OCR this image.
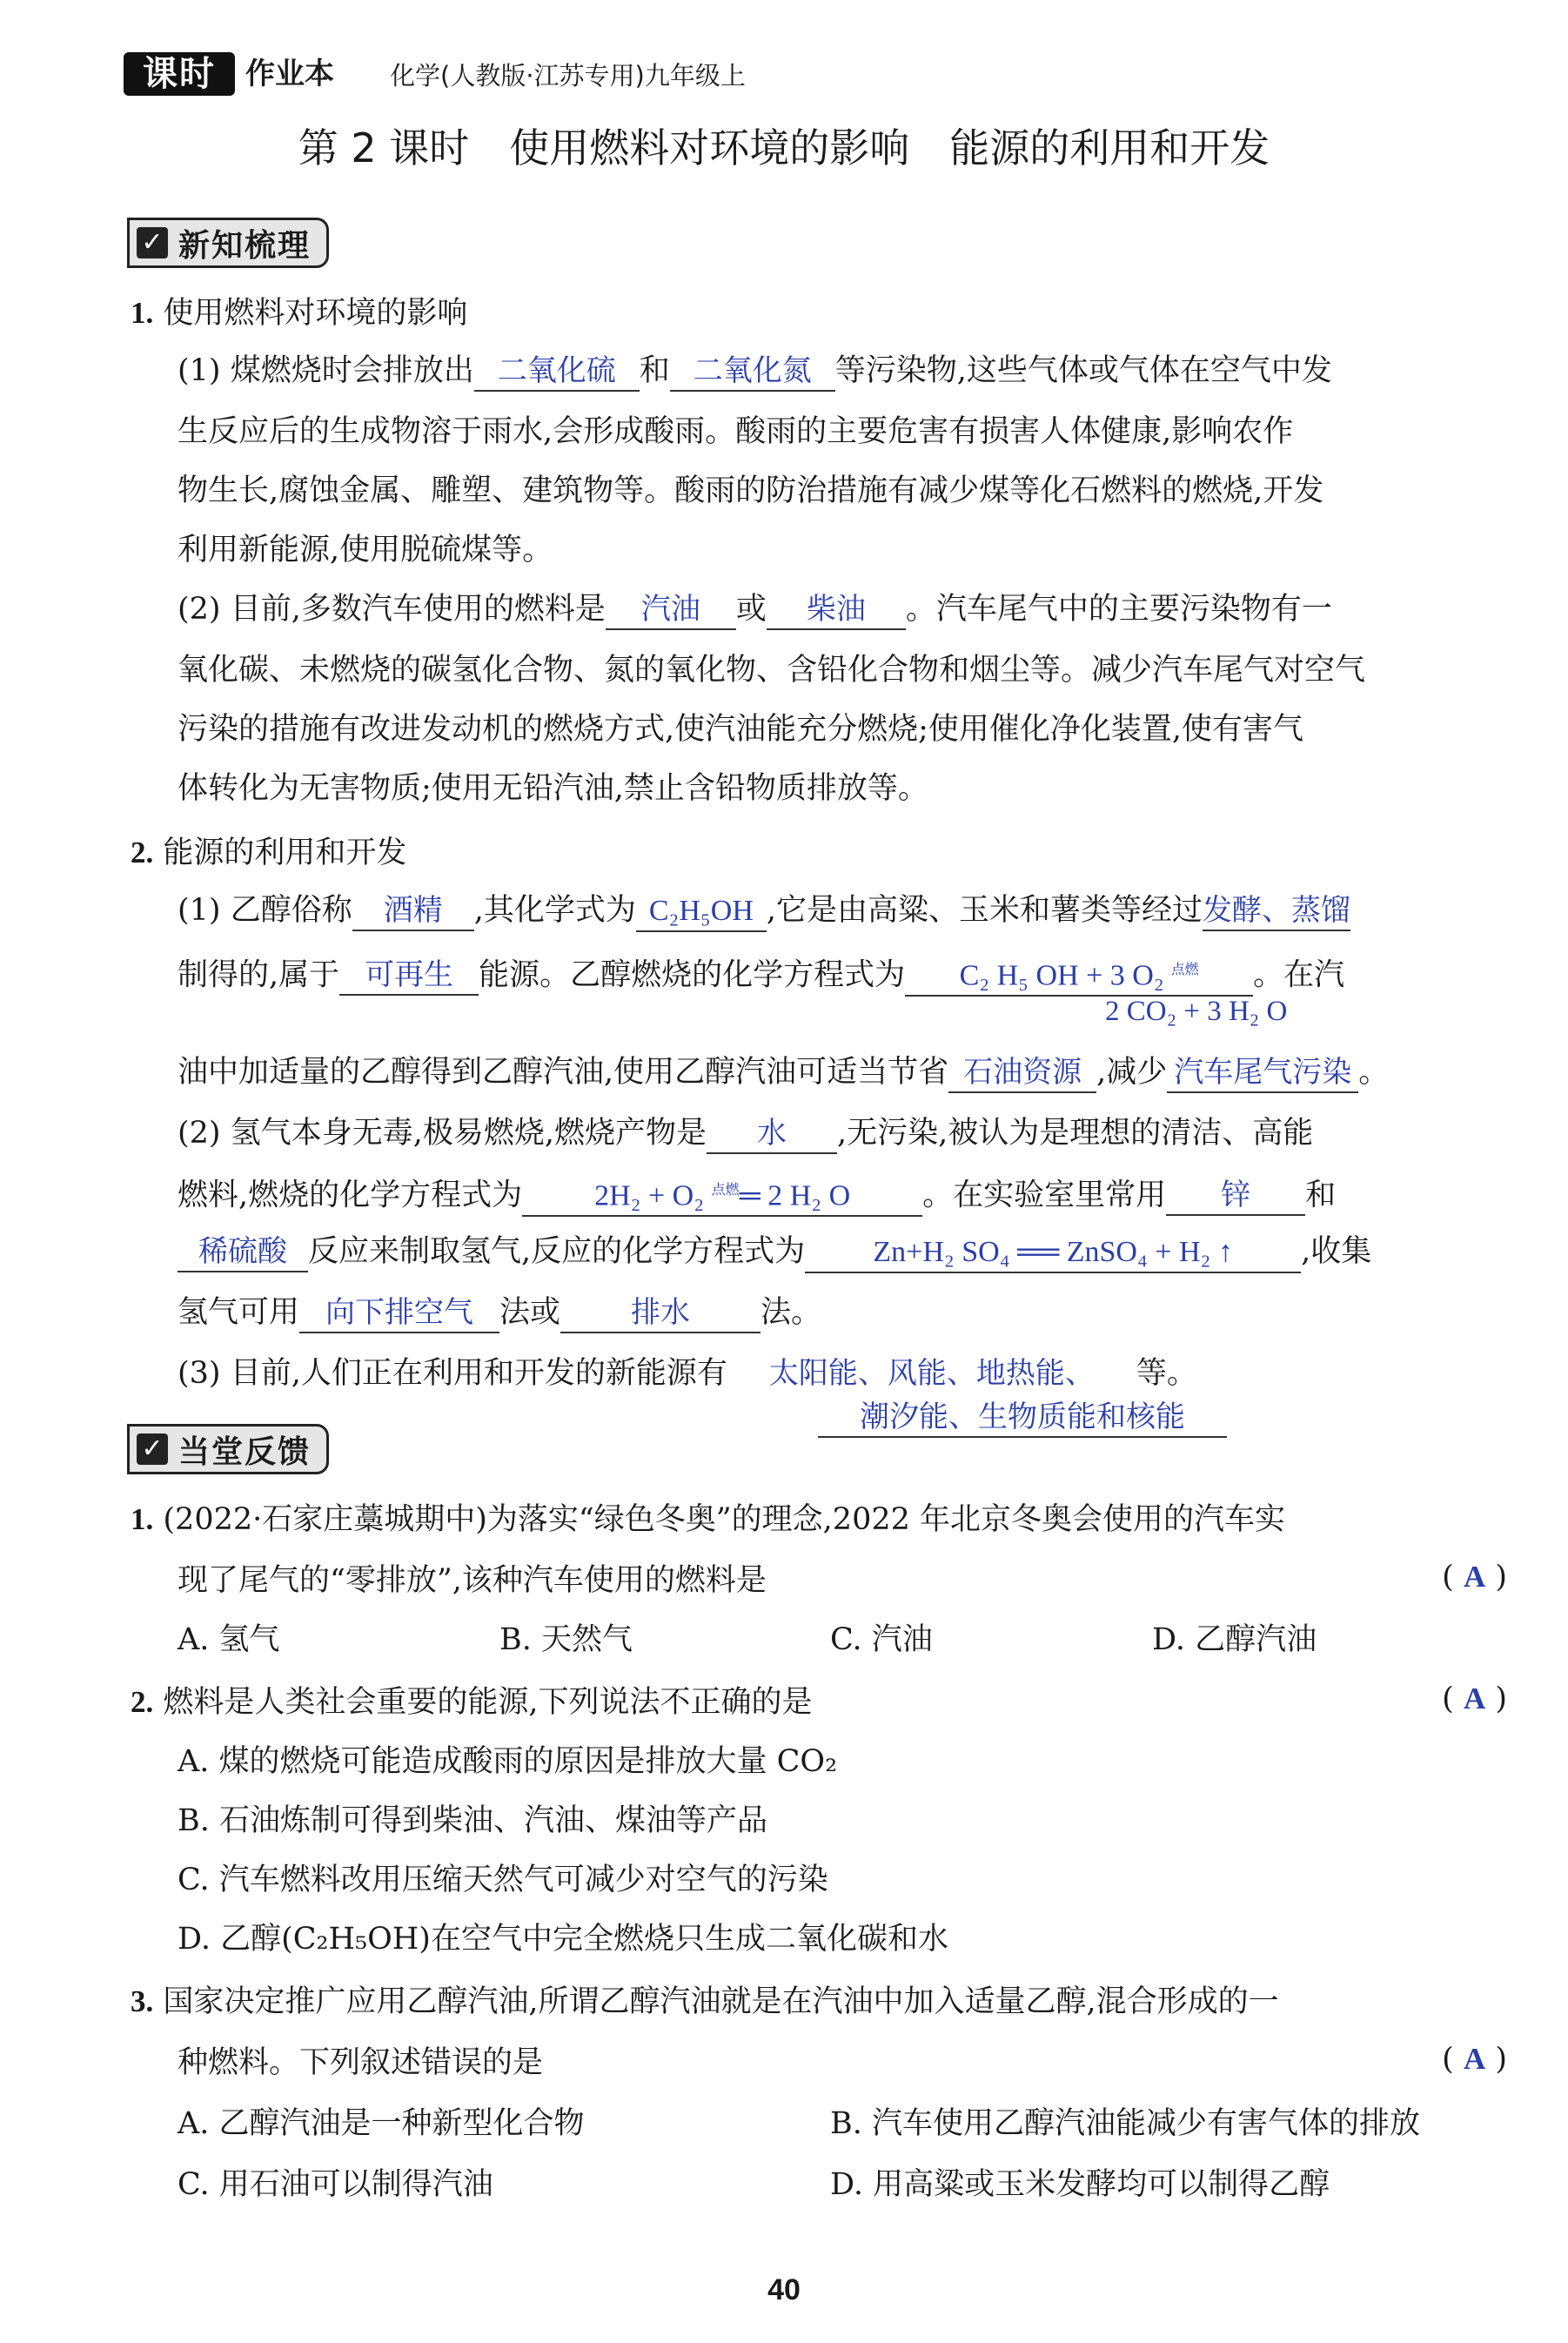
课时	作业本 化学(人教版·江苏专用)九年级上
第 2 课时　使用燃料对环境的影响　能源的利用和开发
✓ 新知梳理
1. 使用燃料对环境的影响
(1) 煤燃烧时会排放出 二氧化硫 和 二氧化氮 等污染物,这些气体或气体在空气中发
生反应后的生成物溶于雨水,会形成酸雨。酸雨的主要危害有损害人体健康,影响农作
物生长,腐蚀金属、雕塑、建筑物等。酸雨的防治措施有减少煤等化石燃料的燃烧,开发
利用新能源,使用脱硫煤等。
(2) 目前,多数汽车使用的燃料是 汽油 或 柴油 。汽车尾气中的主要污染物有一
氧化碳、未燃烧的碳氢化合物、氮的氧化物、含铅化合物和烟尘等。减少汽车尾气对空气
污染的措施有改进发动机的燃烧方式,使汽油能充分燃烧;使用催化净化装置,使有害气
体转化为无害物质;使用无铅汽油,禁止含铅物质排放等。
2. 能源的利用和开发
(1) 乙醇俗称 酒精 ,其化学式为 C₂H₅OH ,它是由高粱、玉米和薯类等经过发酵、蒸馏
制得的,属于 可再生 能源。乙醇燃烧的化学方程式为 C₂ H₅ OH + 3 O₂ $^{点燃}$ 。在汽
2 CO₂ + 3 H₂ O
油中加适量的乙醇得到乙醇汽油,使用乙醇汽油可适当节省 石油资源 ,减少 汽车尾气污染 。
(2) 氢气本身无毒,极易燃烧,燃烧产物是 水 ,无污染,被认为是理想的清洁、高能
燃料,燃烧的化学方程式为 2H₂ + O₂ $^{点燃}$═ 2 H₂ O 。在实验室里常用 锌 和
稀硫酸 反应来制取氢气,反应的化学方程式为 Zn+H₂ SO₄ ══ ZnSO₄ + H₂ ↑ ,收集
氢气可用 向下排空气 法或 排水 法。
(3) 目前,人们正在利用和开发的新能源有 太阳能、风能、地热能、 等。
潮汐能、生物质能和核能
✓ 当堂反馈
1. (2022·石家庄藁城期中)为落实“绿色冬奥”的理念,2022 年北京冬奥会使用的汽车实
现了尾气的“零排放”,该种汽车使用的燃料是	( A )
A. 氢气	B. 天然气	C. 汽油	D. 乙醇汽油
2. 燃料是人类社会重要的能源,下列说法不正确的是	( A )
A. 煤的燃烧可能造成酸雨的原因是排放大量 CO₂
B. 石油炼制可得到柴油、汽油、煤油等产品
C. 汽车燃料改用压缩天然气可减少对空气的污染
D. 乙醇(C₂H₅OH)在空气中完全燃烧只生成二氧化碳和水
3. 国家决定推广应用乙醇汽油,所谓乙醇汽油就是在汽油中加入适量乙醇,混合形成的一
种燃料。下列叙述错误的是	( A )
A. 乙醇汽油是一种新型化合物	B. 汽车使用乙醇汽油能减少有害气体的排放
C. 用石油可以制得汽油	D. 用高粱或玉米发酵均可以制得乙醇
40
